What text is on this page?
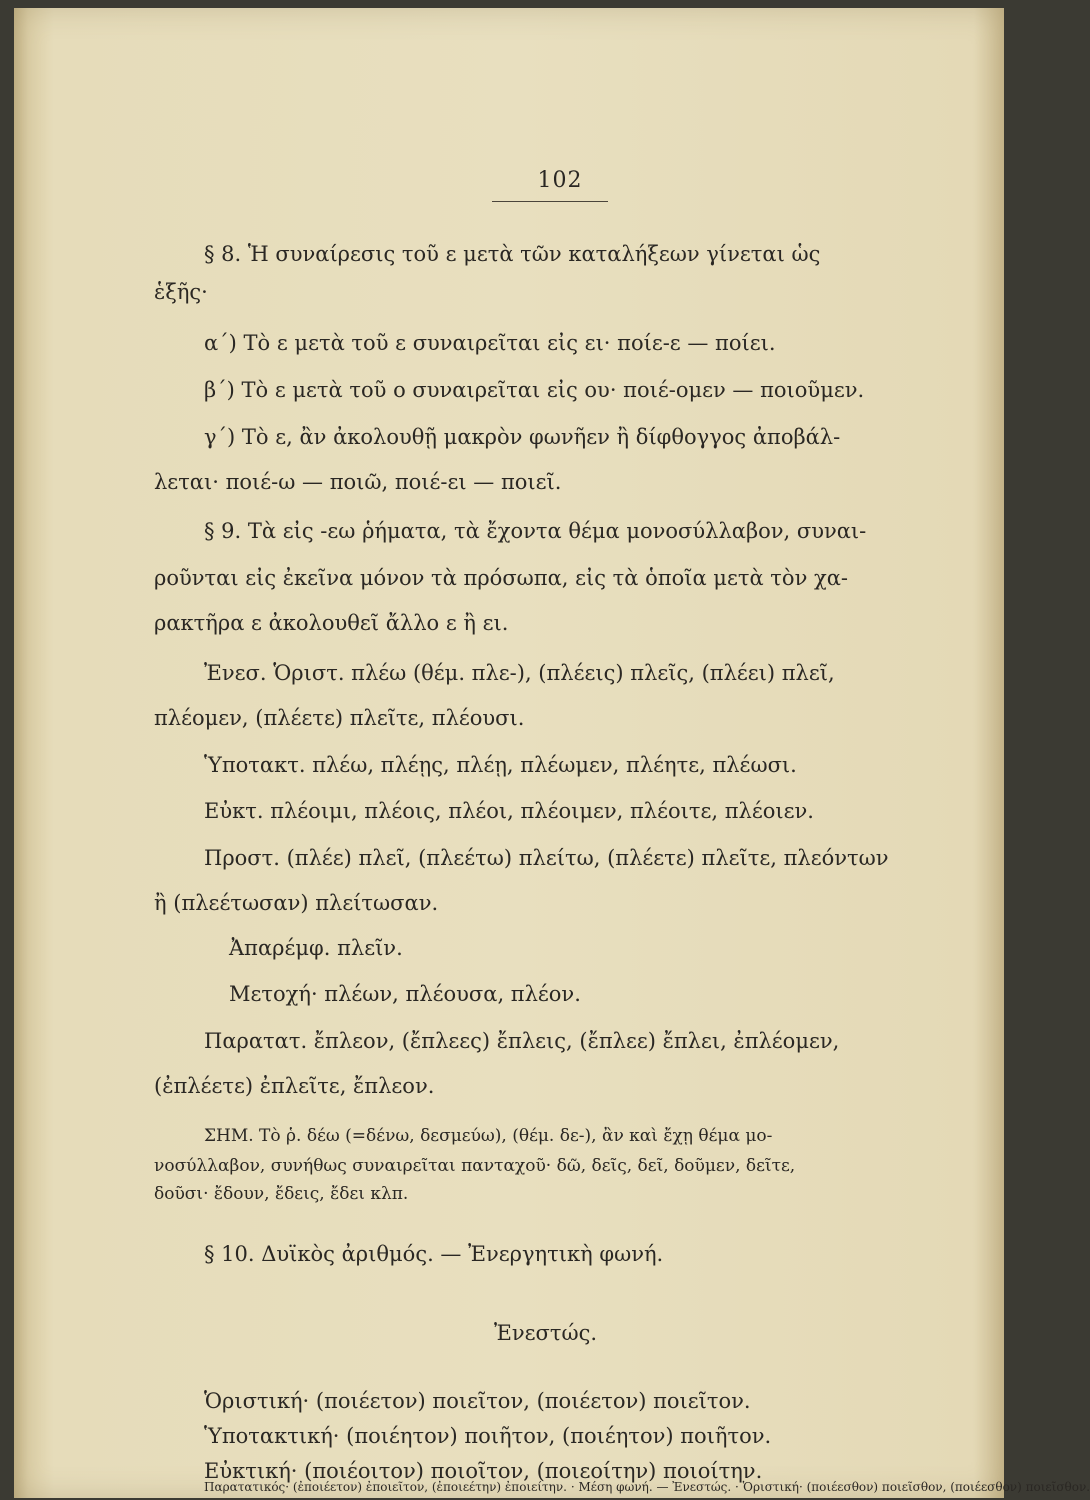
102
§ 8. Ἡ συναίρεσις τοῦ ε μετὰ τῶν καταλήξεων γίνεται ὡς
ἑξῆς·
α΄) Τὸ ε μετὰ τοῦ ε συναιρεῖται εἰς ει· ποίε-ε — ποίει.
β΄) Τὸ ε μετὰ τοῦ ο συναιρεῖται εἰς ου· ποιέ-ομεν — ποιοῦμεν.
γ΄) Τὸ ε, ἂν ἀκολουθῇ μακρὸν φωνῆεν ἢ δίφθογγος ἀποβάλ-
λεται· ποιέ-ω — ποιῶ, ποιέ-ει — ποιεῖ.
§ 9. Τὰ εἰς -εω ῥήματα, τὰ ἔχοντα θέμα μονοσύλλαβον, συναι-
ροῦνται εἰς ἐκεῖνα μόνον τὰ πρόσωπα, εἰς τὰ ὁποῖα μετὰ τὸν χα-
ρακτῆρα ε ἀκολουθεῖ ἄλλο ε ἢ ει.
Ἐνεσ. Ὁριστ. πλέω (θέμ. πλε-), (πλέεις) πλεῖς, (πλέει) πλεῖ,
πλέομεν, (πλέετε) πλεῖτε, πλέουσι.
Ὑποτακτ. πλέω, πλέῃς, πλέῃ, πλέωμεν, πλέητε, πλέωσι.
Εὐκτ. πλέοιμι, πλέοις, πλέοι, πλέοιμεν, πλέοιτε, πλέοιεν.
Προστ. (πλέε) πλεῖ, (πλεέτω) πλείτω, (πλέετε) πλεῖτε, πλεόντων
ἢ (πλεέτωσαν) πλείτωσαν.
Ἀπαρέμφ. πλεῖν.
Μετοχή· πλέων, πλέουσα, πλέον.
Παρατατ. ἔπλεον, (ἔπλεες) ἔπλεις, (ἔπλεε) ἔπλει, ἐπλέομεν,
(ἐπλέετε) ἐπλεῖτε, ἔπλεον.
ΣΗΜ. Τὸ ῥ. δέω (=δένω, δεσμεύω), (θέμ. δε-), ἂν καὶ ἔχῃ θέμα μο-
νοσύλλαβον, συνήθως συναιρεῖται πανταχοῦ· δῶ, δεῖς, δεῖ, δοῦμεν, δεῖτε,
δοῦσι· ἔδουν, ἔδεις, ἔδει κλπ.
§ 10. Δυϊκὸς ἀριθμός. — Ἐνεργητικὴ φωνή.
Ἐνεστώς.
Ὁριστική· (ποιέετον) ποιεῖτον, (ποιέετον) ποιεῖτον.
Ὑποτακτική· (ποιέητον) ποιῆτον, (ποιέητον) ποιῆτον.
Εὐκτική· (ποιέοιτον) ποιοῖτον, (ποιεοίτην) ποιοίτην.
Παρατατικός· (ἐποιέετον) ἐποιεῖτον, (ἐποιεέτην) ἐποιείτην. · Μέση φωνή. — Ἐνεστώς. · Ὁριστική· (ποιέεσθον) ποιεῖσθον, (ποιέεσθον) ποιεῖσθον.
